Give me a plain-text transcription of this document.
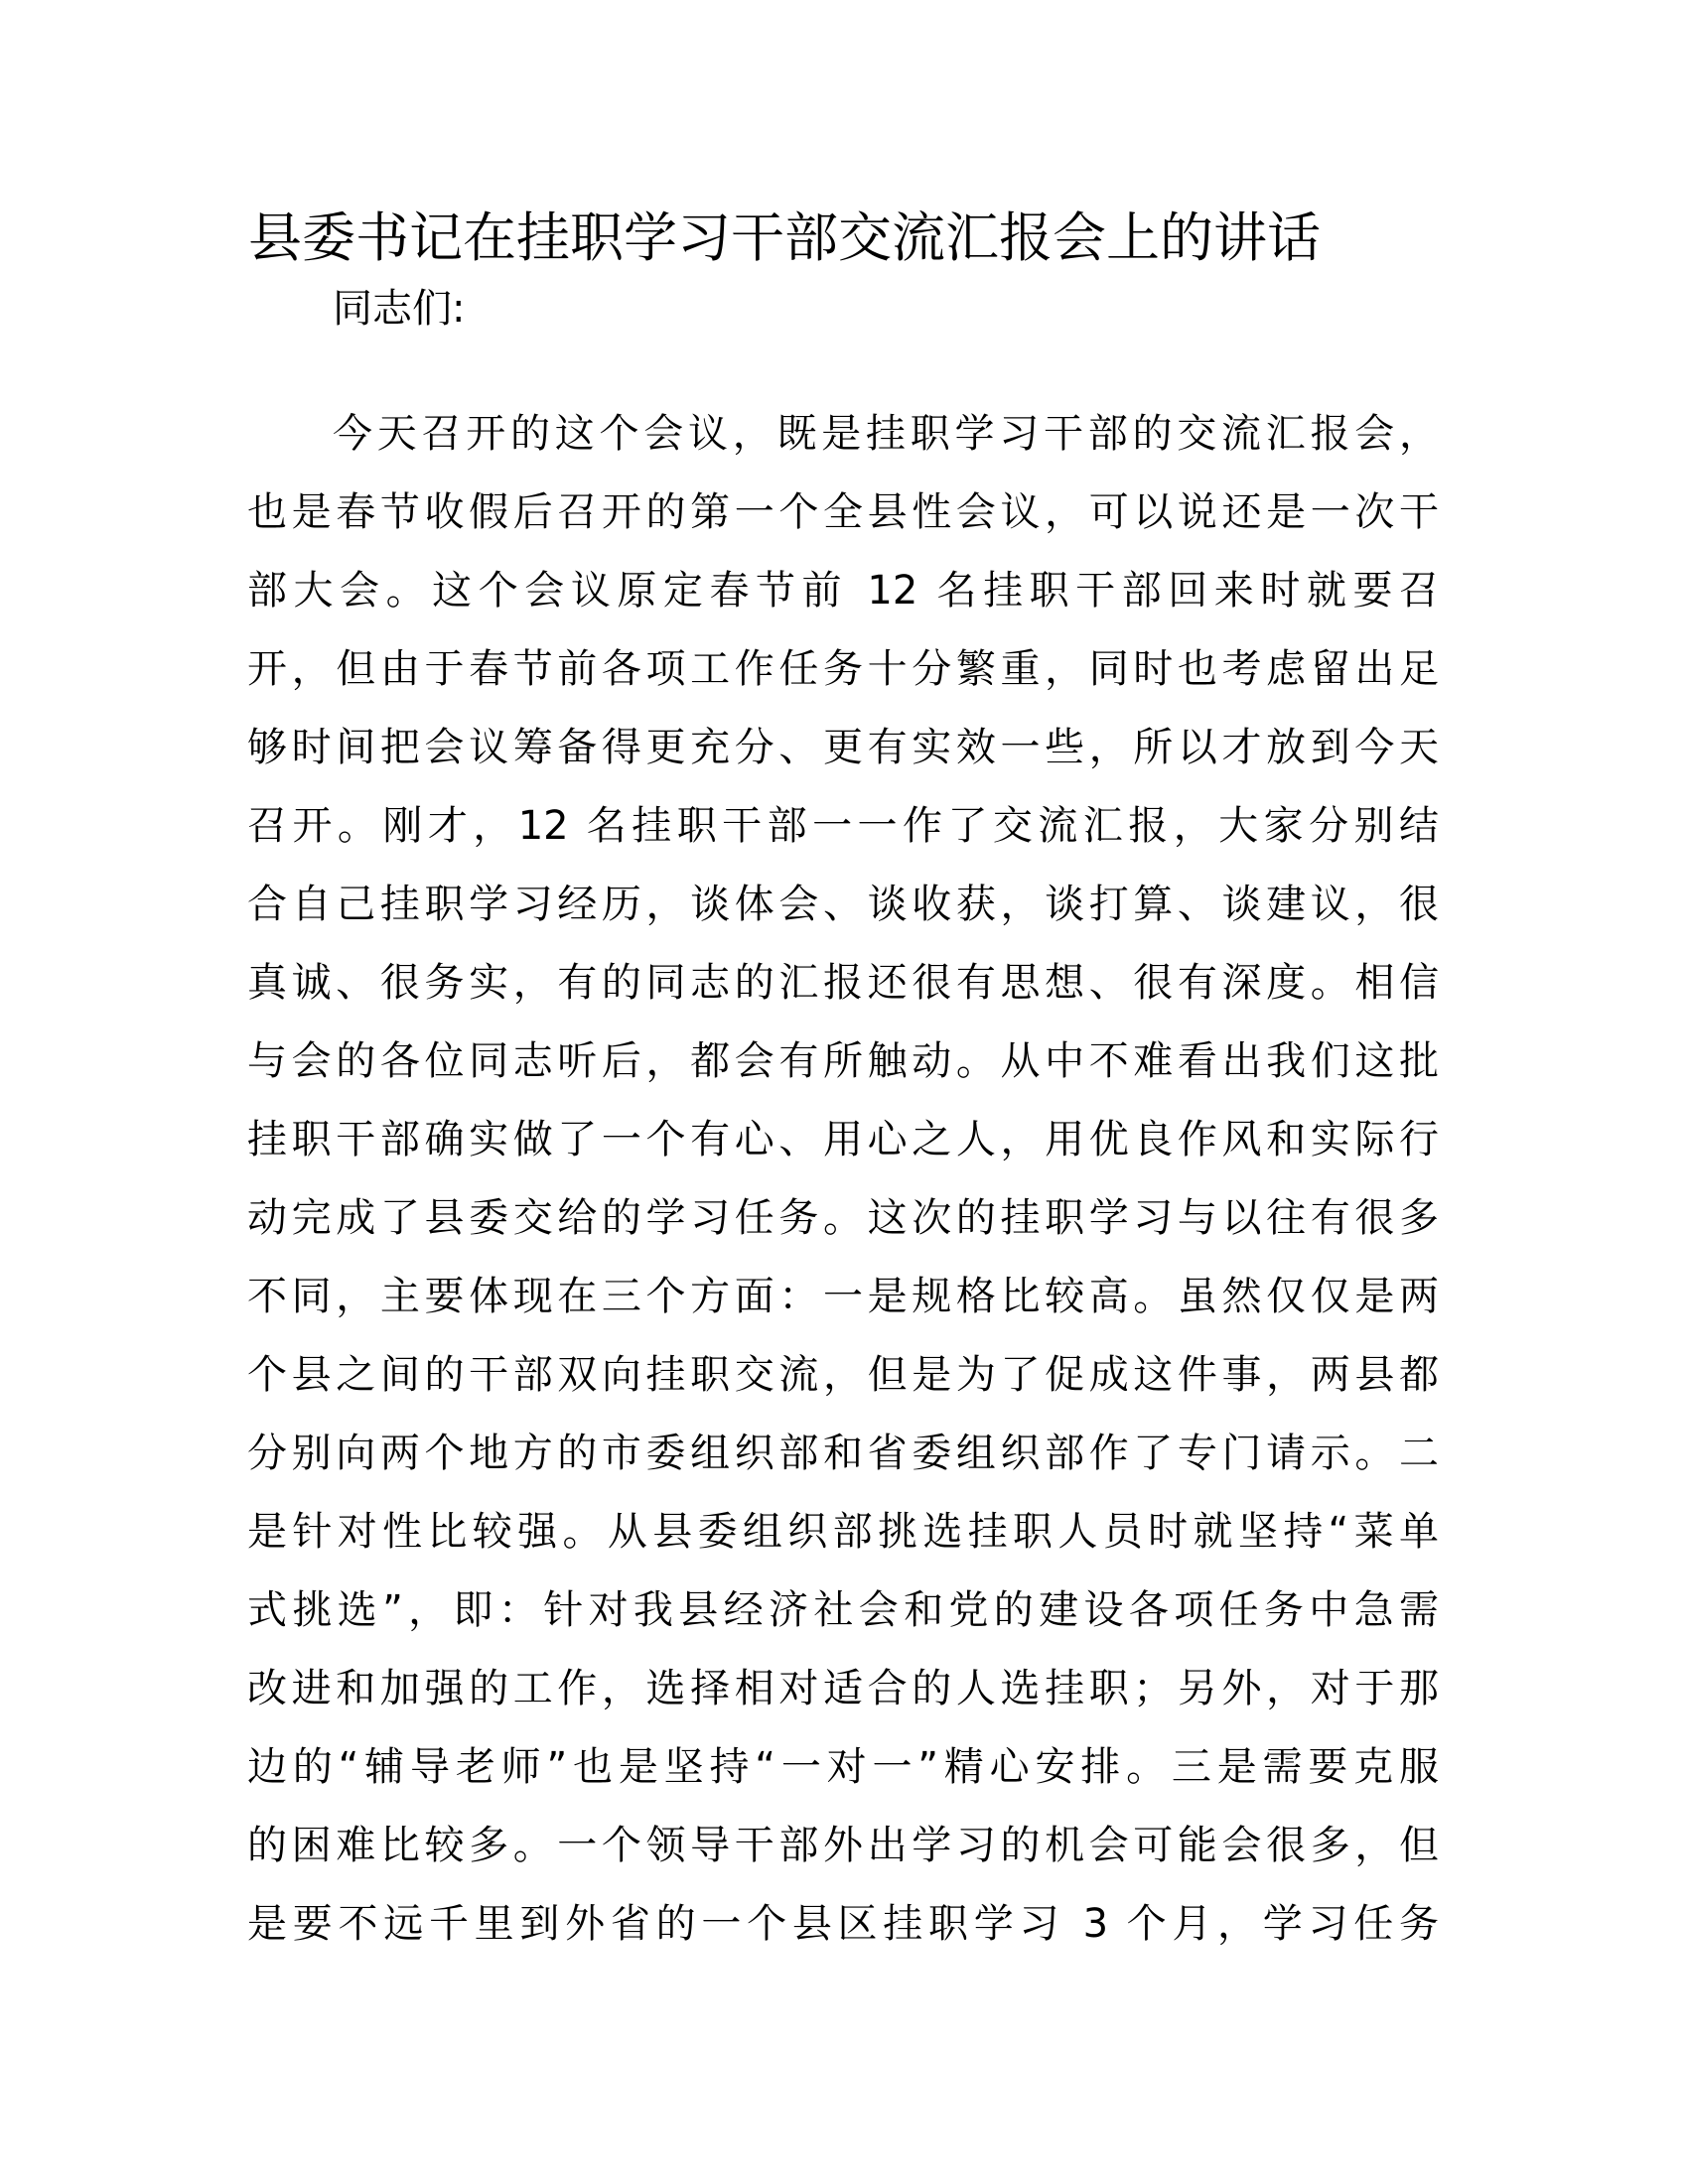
县委书记在挂职学习干部交流汇报会上的讲话

同志们:

今天召开的这个会议，既是挂职学习干部的交流汇报会，
也是春节收假后召开的第一个全县性会议，可以说还是一次干
部大会。这个会议原定春节前 12 名挂职干部回来时就要召
开，但由于春节前各项工作任务十分繁重，同时也考虑留出足
够时间把会议筹备得更充分、更有实效一些，所以才放到今天
召开。刚才，12 名挂职干部一一作了交流汇报，大家分别结
合自己挂职学习经历，谈体会、谈收获，谈打算、谈建议，很
真诚、很务实，有的同志的汇报还很有思想、很有深度。相信
与会的各位同志听后，都会有所触动。从中不难看出我们这批
挂职干部确实做了一个有心、用心之人，用优良作风和实际行
动完成了县委交给的学习任务。这次的挂职学习与以往有很多
不同，主要体现在三个方面：一是规格比较高。虽然仅仅是两
个县之间的干部双向挂职交流，但是为了促成这件事，两县都
分别向两个地方的市委组织部和省委组织部作了专门请示。二
是针对性比较强。从县委组织部挑选挂职人员时就坚持“菜单
式挑选”，即：针对我县经济社会和党的建设各项任务中急需
改进和加强的工作，选择相对适合的人选挂职；另外，对于那
边的“辅导老师”也是坚持“一对一”精心安排。三是需要克服
的困难比较多。一个领导干部外出学习的机会可能会很多，但
是要不远千里到外省的一个县区挂职学习 3 个月，学习任务
